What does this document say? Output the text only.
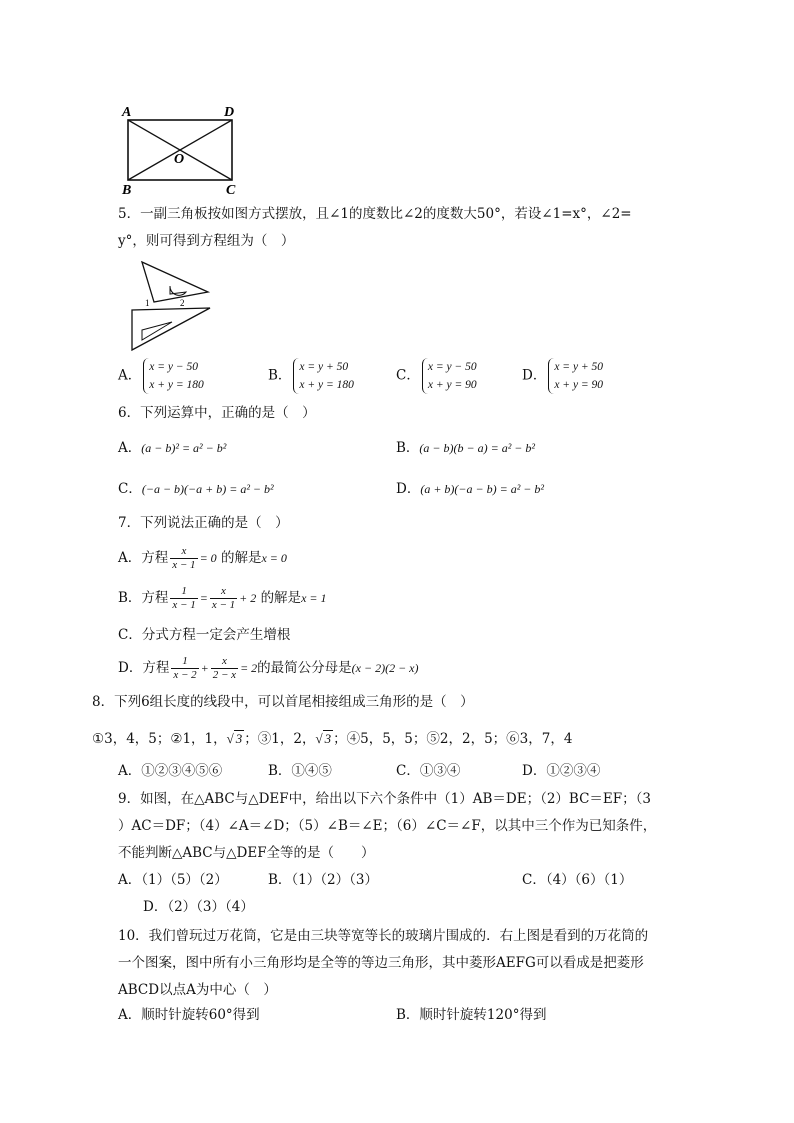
A	D
O
B	C
5．一副三角板按如图方式摆放，且∠1的度数比∠2的度数大50°，若设∠1=x°，∠2=
y°，则可得到方程组为（　）
1	2
A．
x = y − 50
x + y = 180
B．
x = y + 50
x + y = 180
C．
x = y − 50
x + y = 90
D．
x = y + 50
x + y = 90
6．下列运算中，正确的是（　）
A．(a − b)² = a² − b²	B．(a − b)(b − a) = a² − b²
C．(−a − b)(−a + b) = a² − b²	D．(a + b)(−a − b) = a² − b²
7．下列说法正确的是（　）
A．方程 $\frac{x}{x - 1} = 0$ 的解是x = 0
B．方程 $\frac{1}{x - 1} = \frac{x}{x - 1} + 2$ 的解是x = 1
C．分式方程一定会产生增根
D．方程 $\frac{1}{x - 2} + \frac{x}{2 - x} = 2$的最简公分母是(x − 2)(2 − x)
8．下列6组长度的线段中，可以首尾相接组成三角形的是（　）
①3，4，5；②1，1，√ 3 ；③1，2，√ 3 ；④5，5，5；⑤2，2，5；⑥3，7，4
A．①②③④⑤⑥	B．①④⑤	C．①③④	D．①②③④
9．如图，在△ABC与△DEF中，给出以下六个条件中（1）AB＝DE；（2）BC＝EF；（3
）AC＝DF；（4）∠A＝∠D；（5）∠B＝∠E；（6）∠C＝∠F，以其中三个作为已知条件，
不能判断△ABC与△DEF全等的是（　　）
A．（1）（5）（2）	B．（1）（2）（3）	C．（4）（6）（1）
D．（2）（3）（4）
10．我们曾玩过万花筒，它是由三块等宽等长的玻璃片围成的．右上图是看到的万花筒的
一个图案，图中所有小三角形均是全等的等边三角形，其中菱形AEFG可以看成是把菱形
ABCD以点A为中心（　）
A．顺时针旋转60°得到	B．顺时针旋转120°得到
